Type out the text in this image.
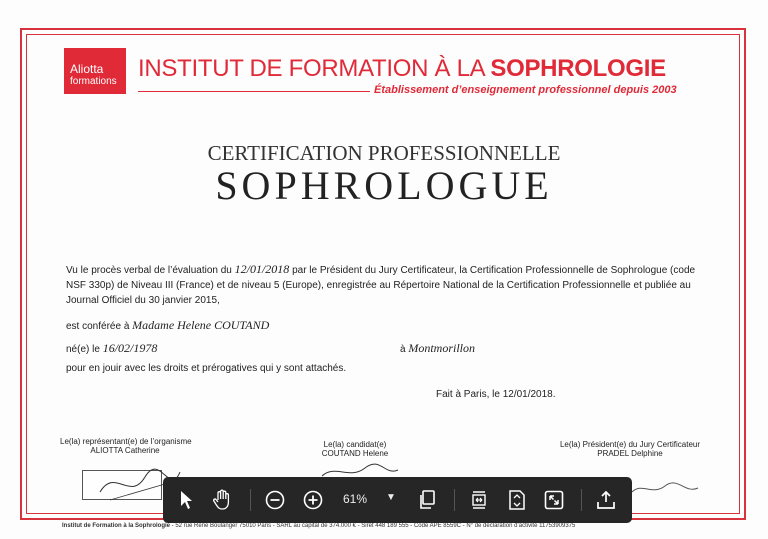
Aliotta
formations INSTITUT DE FORMATION À LA SOPHROLOGIE
Établissement d’enseignement professionnel depuis 2003
CERTIFICATION PROFESSIONNELLE
SOPHROLOGUE
Vu le procès verbal de l’évaluation du 12/01/2018 par le Président du Jury Certificateur, la Certification Professionnelle de Sophrologue (code NSF 330p) de Niveau III (France) et de niveau 5 (Europe), enregistrée au Répertoire National de la Certification Professionnelle et publiée au Journal Officiel du 30 janvier 2015,
est conférée à Madame Helene COUTAND
né(e) le 16/02/1978	à Montmorillon
pour en jouir avec les droits et prérogatives qui y sont attachés.
Fait à Paris, le 12/01/2018.
Le(la) représentant(e) de l’organisme
ALIOTTA Catherine
Le(la) candidat(e)
COUTAND Helene
Le(la) Président(e) du Jury Certificateur
PRADEL Delphine
Institut de Formation à la Sophrologie - 52 rue René Boulanger 75010 Paris - SARL au capital de 374.000 € - Siret 448 189 555 - Code APE 8559C - N° de déclaration d’activité 11753909375
61% ▼
